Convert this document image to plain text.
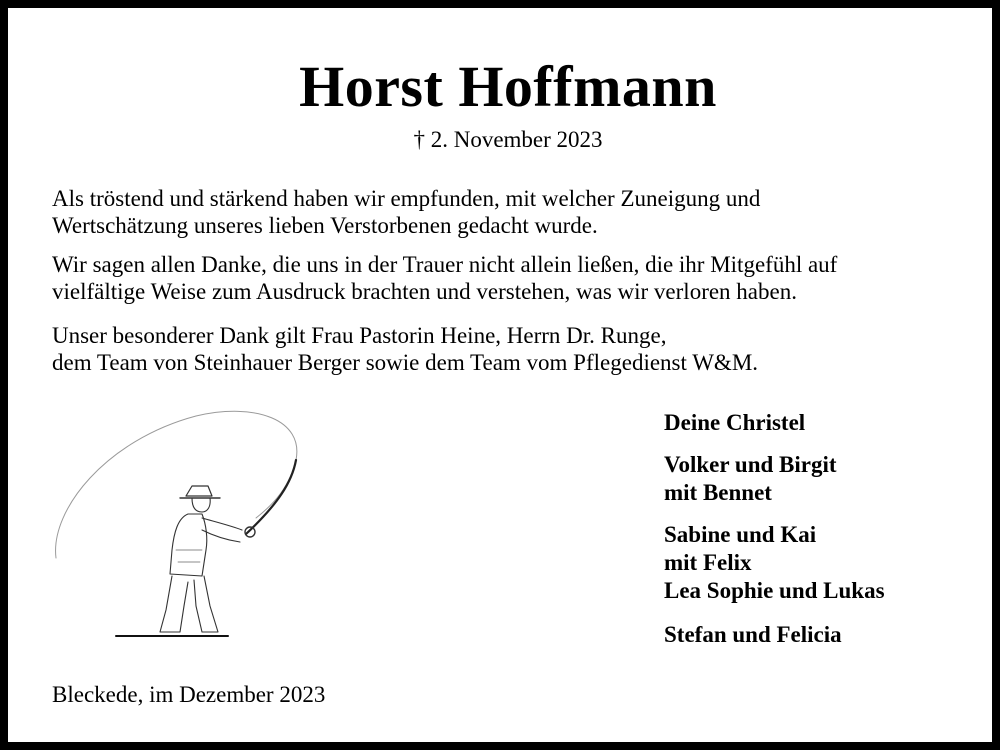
Horst Hoffmann
† 2. November 2023
Als tröstend und stärkend haben wir empfunden, mit welcher Zuneigung und
Wertschätzung unseres lieben Verstorbenen gedacht wurde.
Wir sagen allen Danke, die uns in der Trauer nicht allein ließen, die ihr Mitgefühl auf
vielfältige Weise zum Ausdruck brachten und verstehen, was wir verloren haben.
Unser besonderer Dank gilt Frau Pastorin Heine, Herrn Dr. Runge,
dem Team von Steinhauer Berger sowie dem Team vom Pflegedienst W&M.
Deine Christel
Volker und Birgit
mit Bennet
Sabine und Kai
mit Felix
Lea Sophie und Lukas
Stefan und Felicia
Bleckede, im Dezember 2023
